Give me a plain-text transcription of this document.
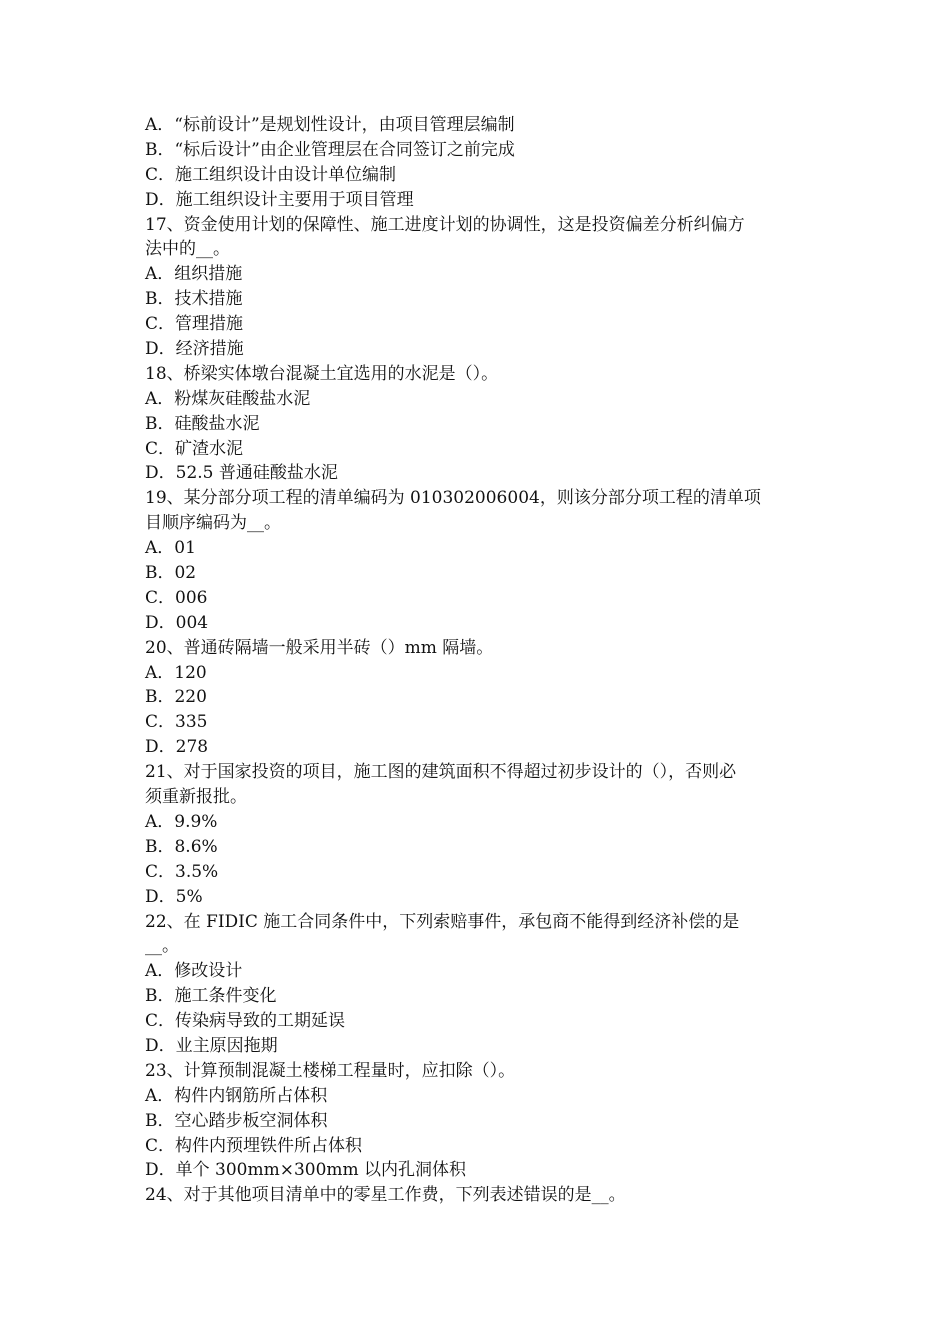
A．“标前设计”是规划性设计，由项目管理层编制
B．“标后设计”由企业管理层在合同签订之前完成
C．施工组织设计由设计单位编制
D．施工组织设计主要用于项目管理
17、资金使用计划的保障性、施工进度计划的协调性，这是投资偏差分析纠偏方
法中的__。
A．组织措施
B．技术措施
C．管理措施
D．经济措施
18、桥梁实体墩台混凝土宜选用的水泥是（）。
A．粉煤灰硅酸盐水泥
B．硅酸盐水泥
C．矿渣水泥
D．52.5 普通硅酸盐水泥
19、某分部分项工程的清单编码为 010302006004，则该分部分项工程的清单项
目顺序编码为__。
A．01
B．02
C．006
D．004
20、普通砖隔墙一般采用半砖（）mm 隔墙。
A．120
B．220
C．335
D．278
21、对于国家投资的项目，施工图的建筑面积不得超过初步设计的（），否则必
须重新报批。
A．9.9%
B．8.6%
C．3.5%
D．5%
22、在 FIDIC 施工合同条件中，下列索赔事件，承包商不能得到经济补偿的是
__。
A．修改设计
B．施工条件变化
C．传染病导致的工期延误
D．业主原因拖期
23、计算预制混凝土楼梯工程量时，应扣除（）。
A．构件内钢筋所占体积
B．空心踏步板空洞体积
C．构件内预埋铁件所占体积
D．单个 300mm×300mm 以内孔洞体积
24、对于其他项目清单中的零星工作费，下列表述错误的是__。
